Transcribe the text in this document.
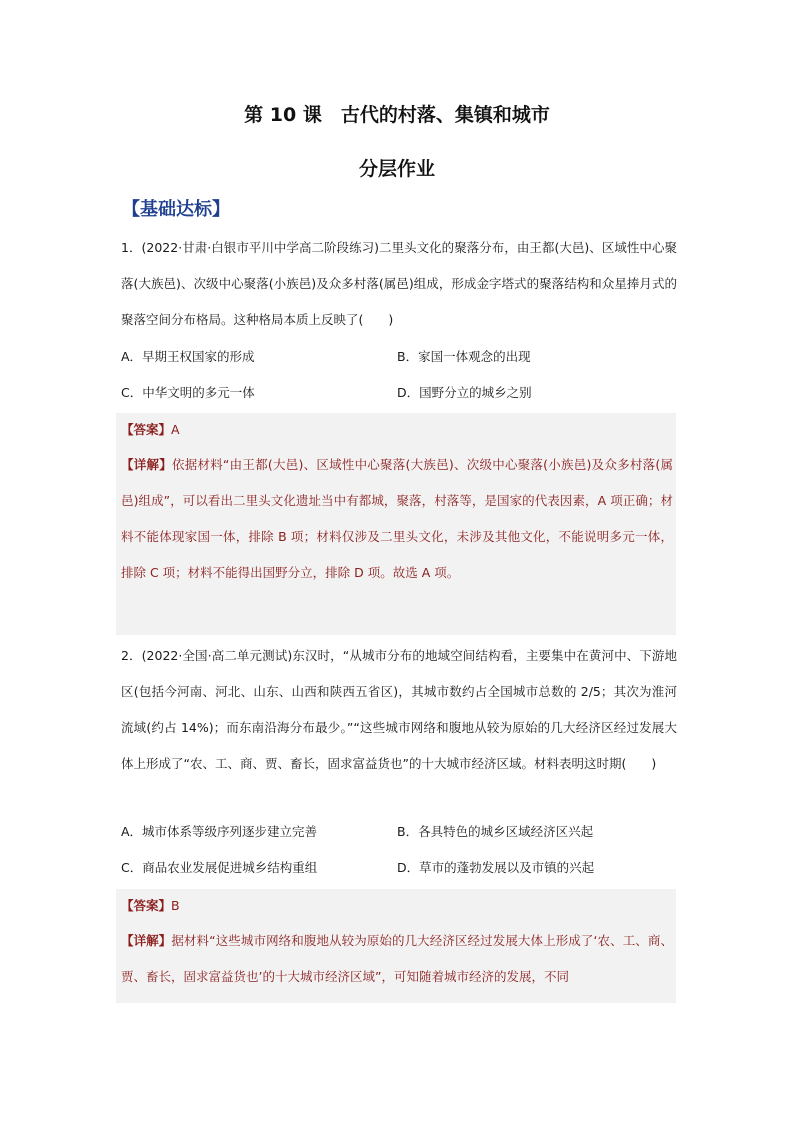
第 10 课　古代的村落、集镇和城市
分层作业
【基础达标】
1．(2022·甘肃·白银市平川中学高二阶段练习)二里头文化的聚落分布，由王都(大邑)、区域性中心聚落(大族邑)、次级中心聚落(小族邑)及众多村落(属邑)组成，形成金字塔式的聚落结构和众星捧月式的聚落空间分布格局。这种格局本质上反映了(　　)
A．早期王权国家的形成	B．家国一体观念的出现
C．中华文明的多元一体	D．国野分立的城乡之别
【答案】A
【详解】依据材料“由王都(大邑)、区域性中心聚落(大族邑)、次级中心聚落(小族邑)及众多村落(属邑)组成”，可以看出二里头文化遗址当中有都城，聚落，村落等，是国家的代表因素，A 项正确；材料不能体现家国一体，排除 B 项；材料仅涉及二里头文化，未涉及其他文化，不能说明多元一体，排除 C 项；材料不能得出国野分立，排除 D 项。故选 A 项。
2．(2022·全国·高二单元测试)东汉时，“从城市分布的地域空间结构看，主要集中在黄河中、下游地区(包括今河南、河北、山东、山西和陕西五省区)，其城市数约占全国城市总数的 2/5；其次为淮河流域(约占 14%)；而东南沿海分布最少。”“这些城市网络和腹地从较为原始的几大经济区经过发展大体上形成了“农、工、商、贾、畜长，固求富益货也”的十大城市经济区域。材料表明这时期(　　)
A．城市体系等级序列逐步建立完善	B．各具特色的城乡区域经济区兴起
C．商品农业发展促进城乡结构重组	D．草市的蓬勃发展以及市镇的兴起
【答案】B
【详解】据材料“这些城市网络和腹地从较为原始的几大经济区经过发展大体上形成了‘农、工、商、贾、畜长，固求富益货也’的十大城市经济区域”，可知随着城市经济的发展，不同
